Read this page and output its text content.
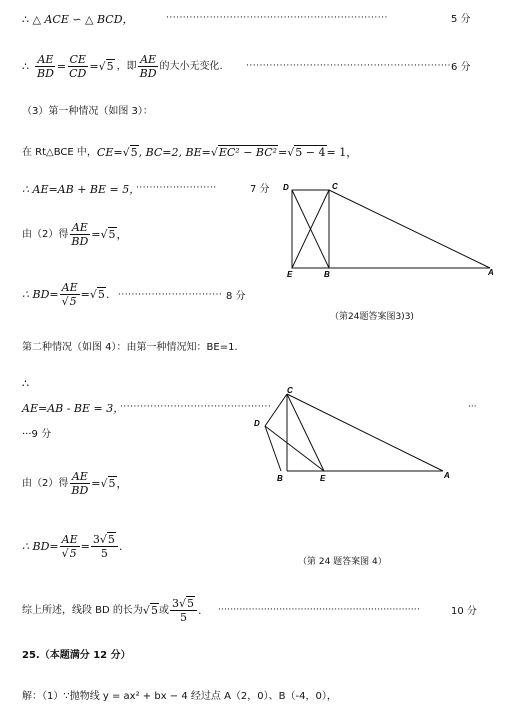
∴ △ ACE ∽ △ BCD，	··································································	5 分
∴ $\frac{AE}{BD} = \frac{CE}{CD} = √5$ ，即 $\frac{AE}{BD}$ 的大小无变化.	······························································
6 分
（3）第一种情况（如图 3）：
在 Rt△BCE 中， CE= √5 , BC=2, BE= √EC² − BC² = √5 − 4 = 1，
∴ AE=AB + BE = 5，
························	7 分
由（2）得 $\frac{AE}{BD} = √5$ ，
∴ $BD= \frac{AE}{√5} = √5$ . ······························· 8 分
D	C
E	B	A
（第24题答案图3)3)
第二种情况（如图 4）：由第一种情况知：BE=1.
∴
AE=AB - BE = 3，
·············································	···
···9 分
C
D
B	E	A
由（2）得 $\frac{AE}{BD} = √5$ ，
∴ $BD= \frac{AE}{√5} = \frac{3√5}{5}$ .
（第 24 题答案图 4）
综上所述，线段 BD 的长为 √5 或 $\frac{3√5}{5}$ . ··································································	10 分
25.（本题满分 12 分）
解：（1）∵抛物线 y = ax² + bx − 4 经过点 A（2，0）、B（-4，0），
